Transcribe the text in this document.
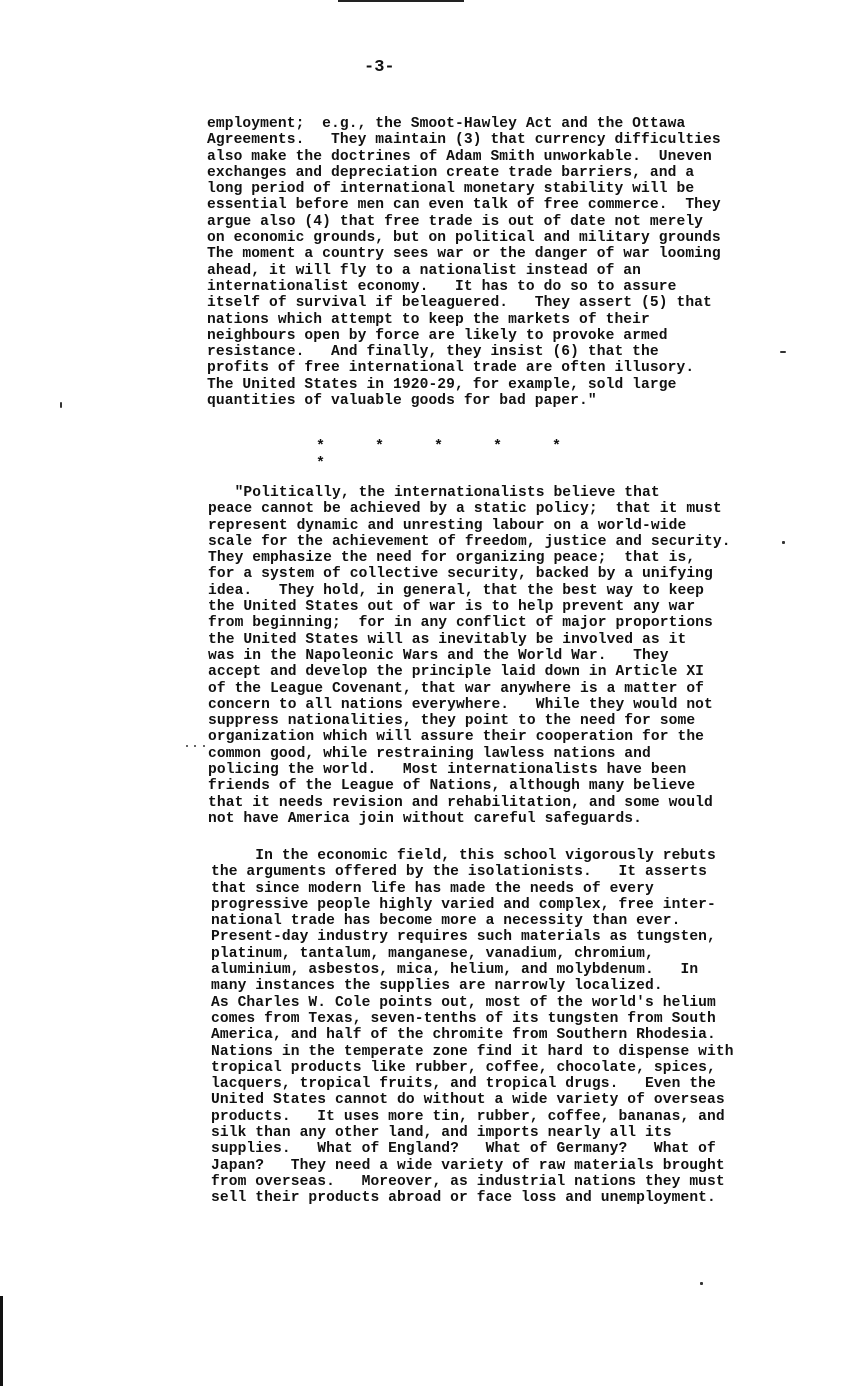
-3-
employment;  e.g., the Smoot-Hawley Act and the Ottawa
Agreements.   They maintain (3) that currency difficulties
also make the doctrines of Adam Smith unworkable.  Uneven
exchanges and depreciation create trade barriers, and a
long period of international monetary stability will be
essential before men can even talk of free commerce.  They
argue also (4) that free trade is out of date not merely
on economic grounds, but on political and military grounds
The moment a country sees war or the danger of war looming
ahead, it will fly to a nationalist instead of an
internationalist economy.   It has to do so to assure
itself of survival if beleaguered.   They assert (5) that
nations which attempt to keep the markets of their
neighbours open by force are likely to provoke armed
resistance.   And finally, they insist (6) that the
profits of free international trade are often illusory.
The United States in 1920-29, for example, sold large
quantities of valuable goods for bad paper."
*	*	*	*	**
"Politically, the internationalists believe that
peace cannot be achieved by a static policy;  that it must
represent dynamic and unresting labour on a world-wide
scale for the achievement of freedom, justice and security.
They emphasize the need for organizing peace;  that is,
for a system of collective security, backed by a unifying
idea.   They hold, in general, that the best way to keep
the United States out of war is to help prevent any war
from beginning;  for in any conflict of major proportions
the United States will as inevitably be involved as it
was in the Napoleonic Wars and the World War.   They
accept and develop the principle laid down in Article XI
of the League Covenant, that war anywhere is a matter of
concern to all nations everywhere.   While they would not
suppress nationalities, they point to the need for some
organization which will assure their cooperation for the
common good, while restraining lawless nations and
policing the world.   Most internationalists have been
friends of the League of Nations, although many believe
that it needs revision and rehabilitation, and some would
not have America join without careful safeguards.
In the economic field, this school vigorously rebuts
the arguments offered by the isolationists.   It asserts
that since modern life has made the needs of every
progressive people highly varied and complex, free inter-
national trade has become more a necessity than ever.
Present-day industry requires such materials as tungsten,
platinum, tantalum, manganese, vanadium, chromium,
aluminium, asbestos, mica, helium, and molybdenum.   In
many instances the supplies are narrowly localized.
As Charles W. Cole points out, most of the world's helium
comes from Texas, seven-tenths of its tungsten from South
America, and half of the chromite from Southern Rhodesia.
Nations in the temperate zone find it hard to dispense with
tropical products like rubber, coffee, chocolate, spices,
lacquers, tropical fruits, and tropical drugs.   Even the
United States cannot do without a wide variety of overseas
products.   It uses more tin, rubber, coffee, bananas, and
silk than any other land, and imports nearly all its
supplies.   What of England?   What of Germany?   What of
Japan?   They need a wide variety of raw materials brought
from overseas.   Moreover, as industrial nations they must
sell their products abroad or face loss and unemployment.
